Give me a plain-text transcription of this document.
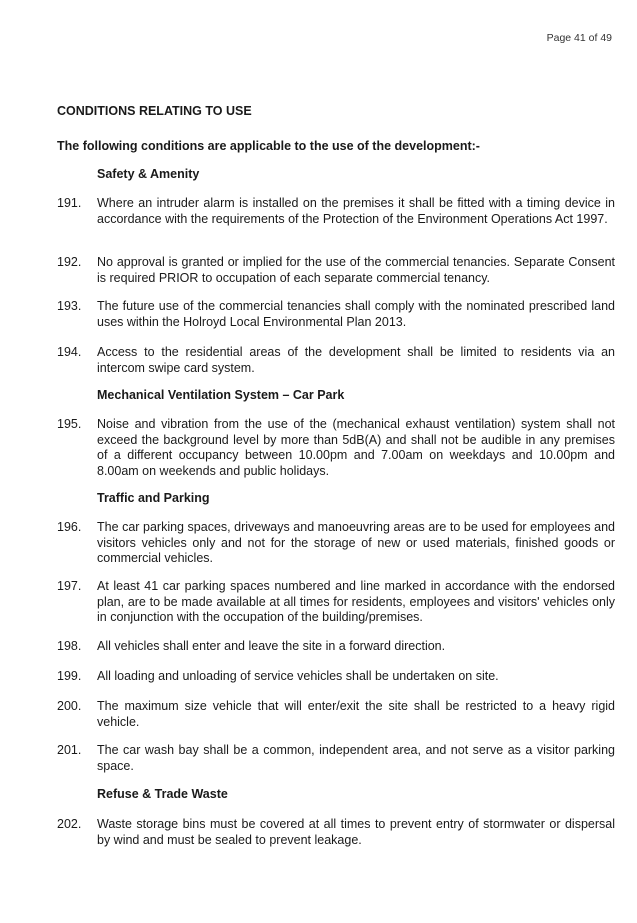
Page 41 of 49
CONDITIONS RELATING TO USE

The following conditions are applicable to the use of the development:-

Safety & Amenity
191. Where an intruder alarm is installed on the premises it shall be fitted with a timing device in accordance with the requirements of the Protection of the Environment Operations Act 1997.
192. No approval is granted or implied for the use of the commercial tenancies. Separate Consent is required PRIOR to occupation of each separate commercial tenancy.
193. The future use of the commercial tenancies shall comply with the nominated prescribed land uses within the Holroyd Local Environmental Plan 2013.
194. Access to the residential areas of the development shall be limited to residents via an intercom swipe card system.
Mechanical Ventilation System – Car Park
195. Noise and vibration from the use of the (mechanical exhaust ventilation) system shall not exceed the background level by more than 5dB(A) and shall not be audible in any premises of a different occupancy between 10.00pm and 7.00am on weekdays and 10.00pm and 8.00am on weekends and public holidays.
Traffic and Parking
196. The car parking spaces, driveways and manoeuvring areas are to be used for employees and visitors vehicles only and not for the storage of new or used materials, finished goods or commercial vehicles.
197. At least 41 car parking spaces numbered and line marked in accordance with the endorsed plan, are to be made available at all times for residents, employees and visitors' vehicles only in conjunction with the occupation of the building/premises.
198. All vehicles shall enter and leave the site in a forward direction.
199. All loading and unloading of service vehicles shall be undertaken on site.
200. The maximum size vehicle that will enter/exit the site shall be restricted to a heavy rigid vehicle.
201. The car wash bay shall be a common, independent area, and not serve as a visitor parking space.
Refuse & Trade Waste
202. Waste storage bins must be covered at all times to prevent entry of stormwater or dispersal by wind and must be sealed to prevent leakage.
